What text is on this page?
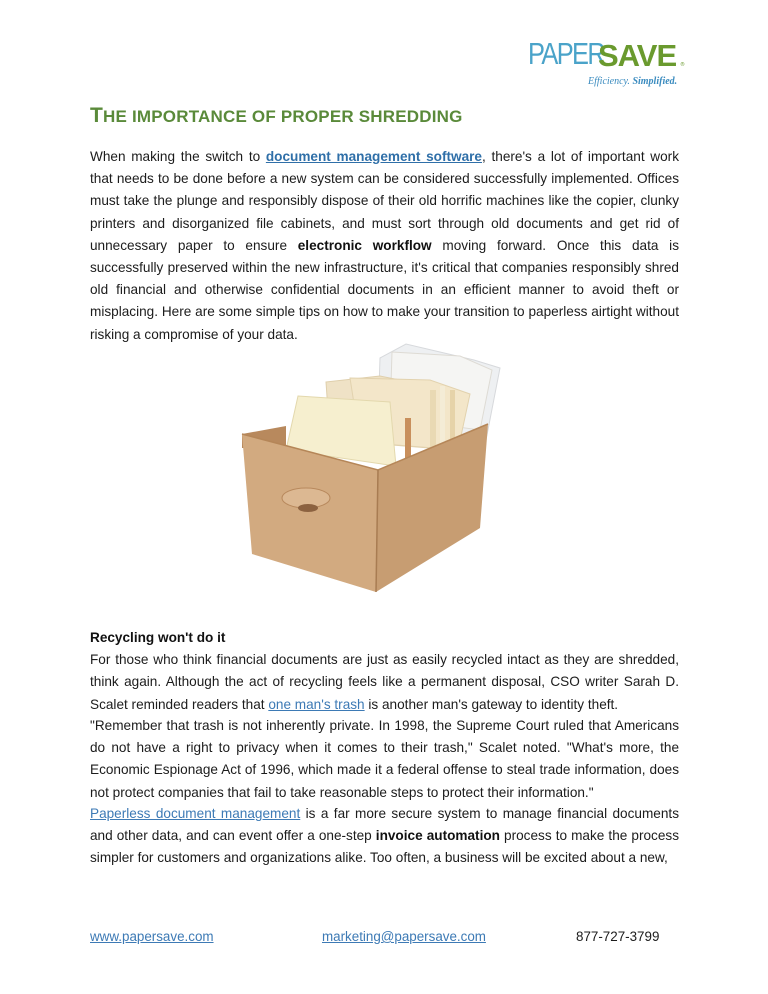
PAPER
SAVE ®
Efficiency. Simplified.
THE IMPORTANCE OF PROPER SHREDDING
When making the switch to document management software, there's a lot of important work that needs to be done before a new system can be considered successfully implemented. Offices must take the plunge and responsibly dispose of their old horrific machines like the copier, clunky printers and disorganized file cabinets, and must sort through old documents and get rid of unnecessary paper to ensure electronic workflow moving forward. Once this data is successfully preserved within the new infrastructure, it's critical that companies responsibly shred old financial and otherwise confidential documents in an efficient manner to avoid theft or misplacing. Here are some simple tips on how to make your transition to paperless airtight without risking a compromise of your data.
Recycling won't do it
For those who think financial documents are just as easily recycled intact as they are shredded, think again. Although the act of recycling feels like a permanent disposal, CSO writer Sarah D. Scalet reminded readers that one man's trash is another man's gateway to identity theft.
"Remember that trash is not inherently private. In 1998, the Supreme Court ruled that Americans do not have a right to privacy when it comes to their trash," Scalet noted. "What's more, the Economic Espionage Act of 1996, which made it a federal offense to steal trade information, does not protect companies that fail to take reasonable steps to protect their information."
Paperless document management is a far more secure system to manage financial documents and other data, and can event offer a one-step invoice automation process to make the process simpler for customers and organizations alike. Too often, a business will be excited about a new,
www.papersave.com	marketing@papersave.com	877-727-3799
